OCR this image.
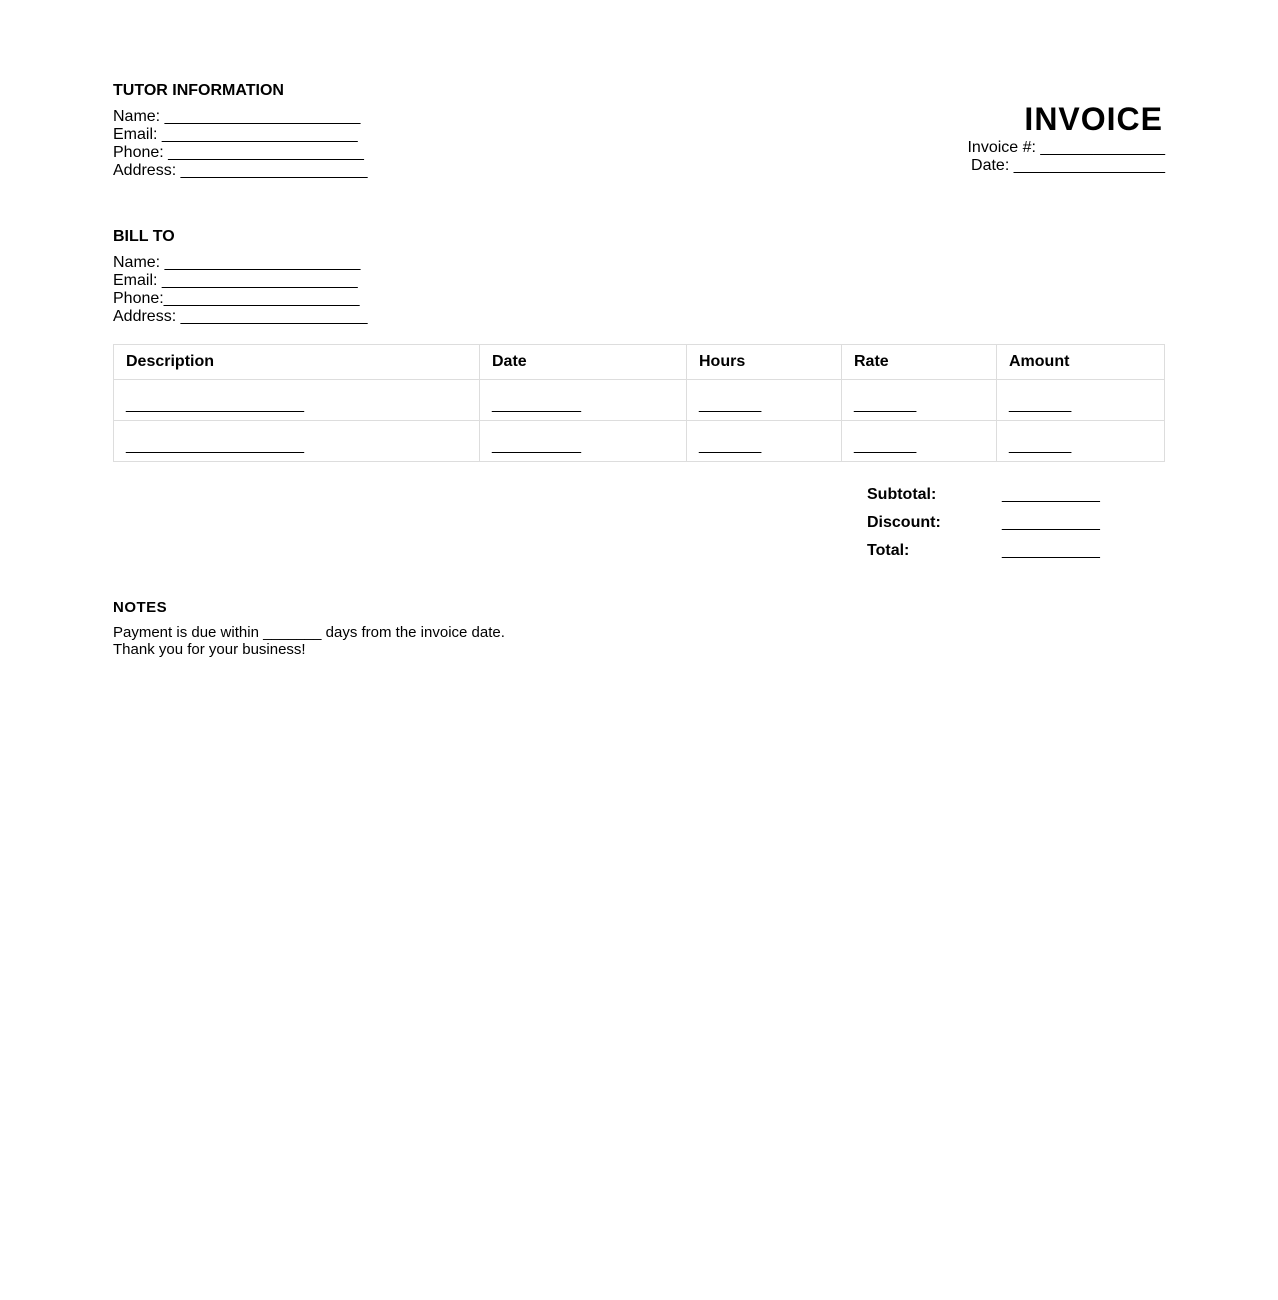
TUTOR INFORMATION
Name: ______________________
Email: ______________________
Phone: ______________________
Address: _____________________
INVOICE
Invoice #: ______________
Date: _________________
BILL TO
Name: ______________________
Email: ______________________
Phone:______________________
Address: _____________________
Description	Date	Hours	Rate	Amount
____________________	__________	_______	_______	_______
____________________	__________	_______	_______	_______
Subtotal:	___________
Discount:	___________
Total:	___________
NOTES
Payment is due within _______ days from the invoice date.
Thank you for your business!
